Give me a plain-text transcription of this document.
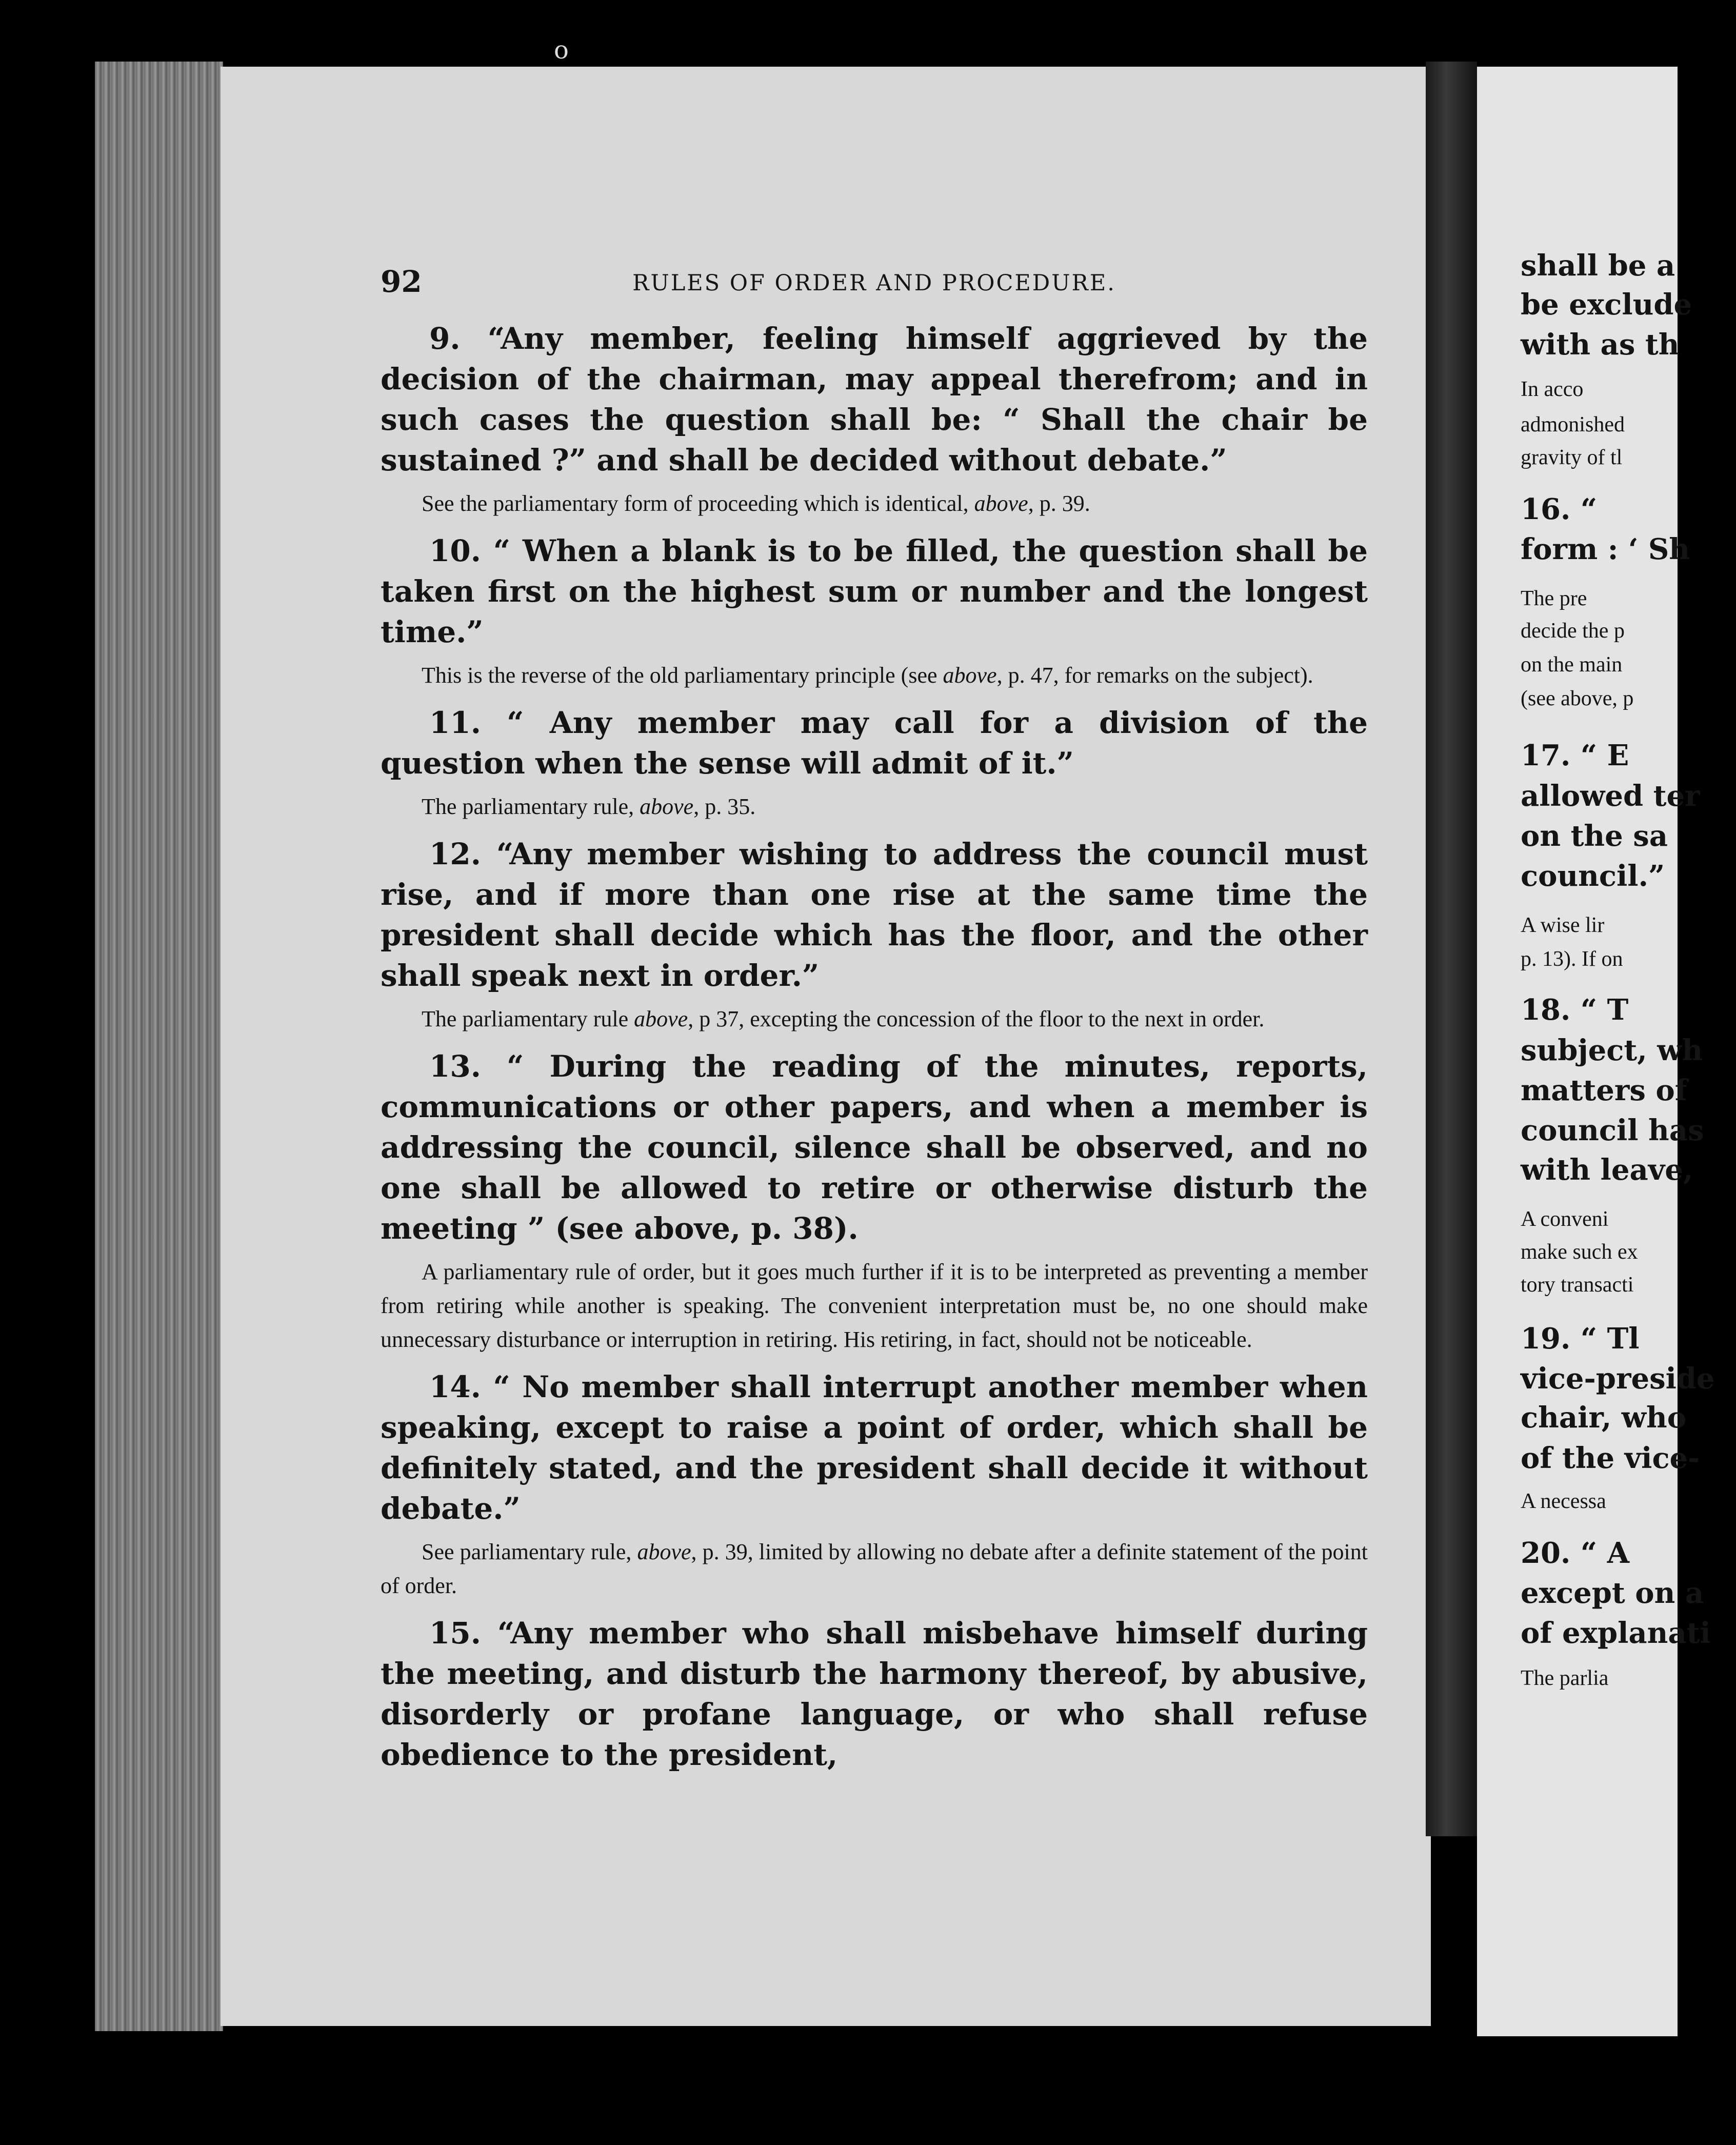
o
92	RULES OF ORDER AND PROCEDURE.
9. “Any member, feeling himself aggrieved by the decision of the chairman, may appeal therefrom; and in such cases the question shall be: “ Shall the chair be sustained ?” and shall be decided without debate.”
See the parliamentary form of proceeding which is identical, above, p. 39.
10. “ When a blank is to be filled, the question shall be taken first on the highest sum or number and the longest time.”
This is the reverse of the old parliamentary principle (see above, p. 47, for remarks on the subject).
11. “ Any member may call for a division of the question when the sense will admit of it.”
The parliamentary rule, above, p. 35.
12. “Any member wishing to address the council must rise, and if more than one rise at the same time the president shall decide which has the floor, and the other shall speak next in order.”
The parliamentary rule above, p 37, excepting the concession of the floor to the next in order.
13. “ During the reading of the minutes, reports, communications or other papers, and when a member is addressing the council, silence shall be observed, and no one shall be allowed to retire or otherwise disturb the meeting ” (see above, p. 38).
A parliamentary rule of order, but it goes much further if it is to be interpreted as preventing a member from retiring while another is speaking. The convenient interpretation must be, no one should make unnecessary disturbance or interruption in retiring. His retiring, in fact, should not be noticeable.
14. “ No member shall interrupt another member when speaking, except to raise a point of order, which shall be definitely stated, and the president shall decide it without debate.”
See parliamentary rule, above, p. 39, limited by allowing no debate after a definite statement of the point of order.
15. “Any member who shall misbehave himself during the meeting, and disturb the harmony thereof, by abusive, disorderly or profane language, or who shall refuse obedience to the president,
shall be a
be exclude
with as th
In acco
admonished
gravity of tl
16. “
form : ‘ Sh
The pre
decide the p
on the main
(see above, p
17. “ E
allowed ter
on the sa
council.”
A wise lir
p. 13). If on
18. “ T
subject, wh
matters of
council has
with leave,
A conveni
make such ex
tory transacti
19. “ Tl
vice-preside
chair, who
of the vice-
A necessa
20. “ A
except on a
of explanati
The parlia
